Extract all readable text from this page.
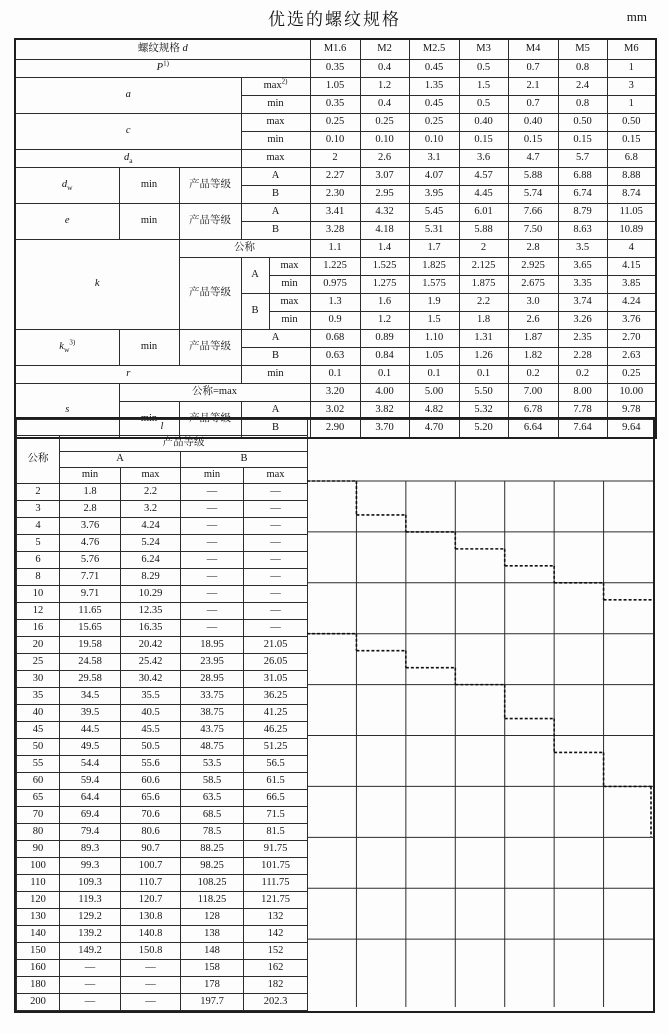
优选的螺纹规格	mm
螺纹规格 d					M1.6	M2	M2.5	M3	M4	M5	M6
$P^{1)}$					0.35	0.4	0.45	0.5	0.7	0.8	1
a			$\max^{2)}$		1.05	1.2	1.35	1.5	2.1	2.4	3
			min		0.35	0.4	0.45	0.5	0.7	0.8	1
c			max		0.25	0.25	0.25	0.40	0.40	0.50	0.50
			min		0.10	0.10	0.10	0.15	0.15	0.15	0.15
$d_a$			max		2	2.6	3.1	3.6	4.7	5.7	6.8
$d_w$	min	产品等级	A		2.27	3.07	4.07	4.57	5.88	6.88	8.88
			B		2.30	2.95	3.95	4.45	5.74	6.74	8.74
e	min	产品等级	A		3.41	4.32	5.45	6.01	7.66	8.79	11.05
			B		3.28	4.18	5.31	5.88	7.50	8.63	10.89
k		公称			1.1	1.4	1.7	2	2.8	3.5	4
		产品等级	A	max	1.225	1.525	1.825	2.125	2.925	3.65	4.15
				min	0.975	1.275	1.575	1.875	2.675	3.35	3.85
			B	max	1.3	1.6	1.9	2.2	3.0	3.74	4.24
				min	0.9	1.2	1.5	1.8	2.6	3.26	3.76
$k_w^{3)}$	min	产品等级	A		0.68	0.89	1.10	1.31	1.87	2.35	2.70
			B		0.63	0.84	1.05	1.26	1.82	2.28	2.63
r			min		0.1	0.1	0.1	0.1	0.2	0.2	0.25
s	公称=max				3.20	4.00	5.00	5.50	7.00	8.00	10.00
	min	产品等级	A		3.02	3.82	4.82	5.32	6.78	7.78	9.78
			B		2.90	3.70	4.70	5.20	6.64	7.64	9.64
l				
公称	产品等级			
	A		B	
	min	max	min	max
2	1.8	2.2	—	—
3	2.8	3.2	—	—
4	3.76	4.24	—	—
5	4.76	5.24	—	—
6	5.76	6.24	—	—
8	7.71	8.29	—	—
10	9.71	10.29	—	—
12	11.65	12.35	—	—
16	15.65	16.35	—	—
20	19.58	20.42	18.95	21.05
25	24.58	25.42	23.95	26.05
30	29.58	30.42	28.95	31.05
35	34.5	35.5	33.75	36.25
40	39.5	40.5	38.75	41.25
45	44.5	45.5	43.75	46.25
50	49.5	50.5	48.75	51.25
55	54.4	55.6	53.5	56.5
60	59.4	60.6	58.5	61.5
65	64.4	65.6	63.5	66.5
70	69.4	70.6	68.5	71.5
80	79.4	80.6	78.5	81.5
90	89.3	90.7	88.25	91.75
100	99.3	100.7	98.25	101.75
110	109.3	110.7	108.25	111.75
120	119.3	120.7	118.25	121.75
130	129.2	130.8	128	132
140	139.2	140.8	138	142
150	149.2	150.8	148	152
160	—	—	158	162
180	—	—	178	182
200	—	—	197.7	202.3
